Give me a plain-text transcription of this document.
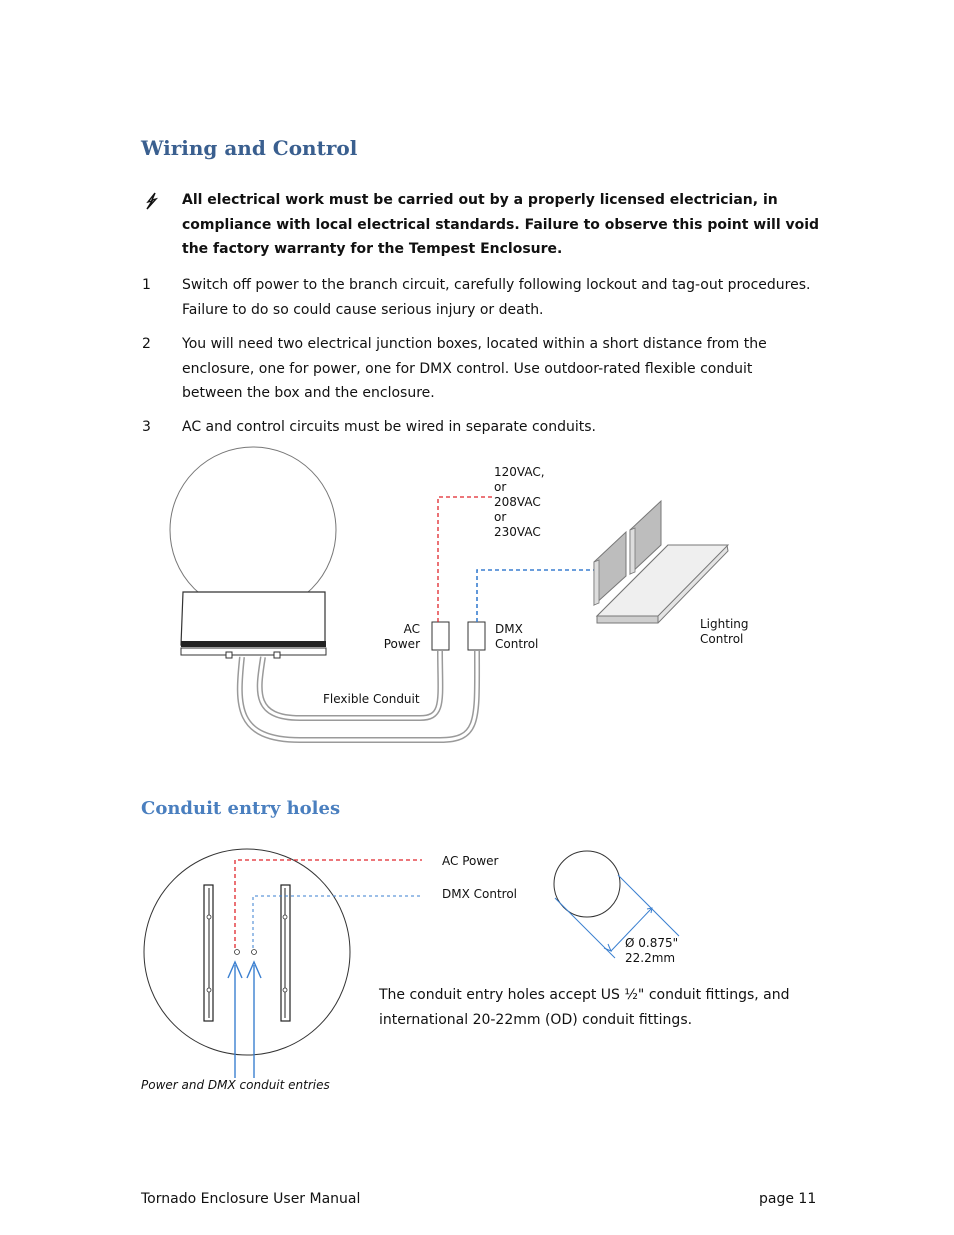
Wiring and Control
All electrical work must be carried out by a properly licensed electrician, in compliance with local electrical standards. Failure to observe this point will void the factory warranty for the Tempest Enclosure.
1 Switch off power to the branch circuit, carefully following lockout and tag-out procedures. Failure to do so could cause serious injury or death.
2 You will need two electrical junction boxes, located within a short distance from the enclosure, one for power, one for DMX control. Use outdoor-rated flexible conduit between the box and the enclosure.
3 AC and control circuits must be wired in separate conduits.
120VAC,
or
208VAC
or
230VAC
AC
Power
DMX
Control
Lighting
Control
Flexible Conduit
Conduit entry holes
AC Power
DMX Control
Ø 0.875"
22.2mm
The conduit entry holes accept US ½" conduit fittings, and international 20-22mm (OD) conduit fittings.
Power and DMX conduit entries
Tornado Enclosure User Manual	page 11
